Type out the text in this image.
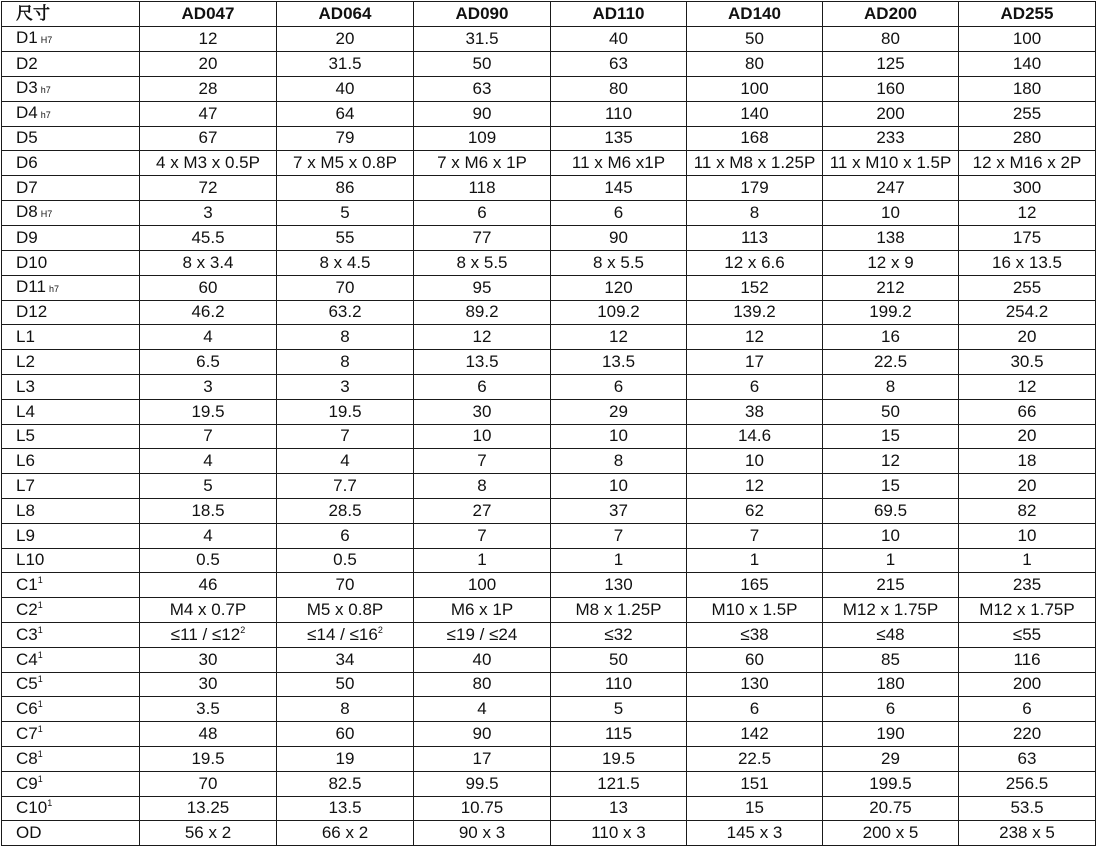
尺寸	AD047	AD064	AD090	AD110	AD140	AD200	AD255
D1 H7	12	20	31.5	40	50	80	100
D2	20	31.5	50	63	80	125	140
D3 h7	28	40	63	80	100	160	180
D4 h7	47	64	90	110	140	200	255
D5	67	79	109	135	168	233	280
D6	4 x M3 x 0.5P	7 x M5 x 0.8P	7 x M6 x 1P	11 x M6 x1P	11 x M8 x 1.25P	11 x M10 x 1.5P	12 x M16 x 2P
D7	72	86	118	145	179	247	300
D8 H7	3	5	6	6	8	10	12
D9	45.5	55	77	90	113	138	175
D10	8 x 3.4	8 x 4.5	8 x 5.5	8 x 5.5	12 x 6.6	12 x 9	16 x 13.5
D11 h7	60	70	95	120	152	212	255
D12	46.2	63.2	89.2	109.2	139.2	199.2	254.2
L1	4	8	12	12	12	16	20
L2	6.5	8	13.5	13.5	17	22.5	30.5
L3	3	3	6	6	6	8	12
L4	19.5	19.5	30	29	38	50	66
L5	7	7	10	10	14.6	15	20
L6	4	4	7	8	10	12	18
L7	5	7.7	8	10	12	15	20
L8	18.5	28.5	27	37	62	69.5	82
L9	4	6	7	7	7	10	10
L10	0.5	0.5	1	1	1	1	1
$C1^1$	46	70	100	130	165	215	235
$C2^1$	M4 x 0.7P	M5 x 0.8P	M6 x 1P	M8 x 1.25P	M10 x 1.5P	M12 x 1.75P	M12 x 1.75P
$C3^1$	$\le 11 / \le 12^2$	$\le 14 / \le 16^2$	≤19 / ≤24	≤32	≤38	≤48	≤55
$C4^1$	30	34	40	50	60	85	116
$C5^1$	30	50	80	110	130	180	200
$C6^1$	3.5	8	4	5	6	6	6
$C7^1$	48	60	90	115	142	190	220
$C8^1$	19.5	19	17	19.5	22.5	29	63
$C9^1$	70	82.5	99.5	121.5	151	199.5	256.5
$C10^1$	13.25	13.5	10.75	13	15	20.75	53.5
OD	56 x 2	66 x 2	90 x 3	110 x 3	145 x 3	200 x 5	238 x 5
